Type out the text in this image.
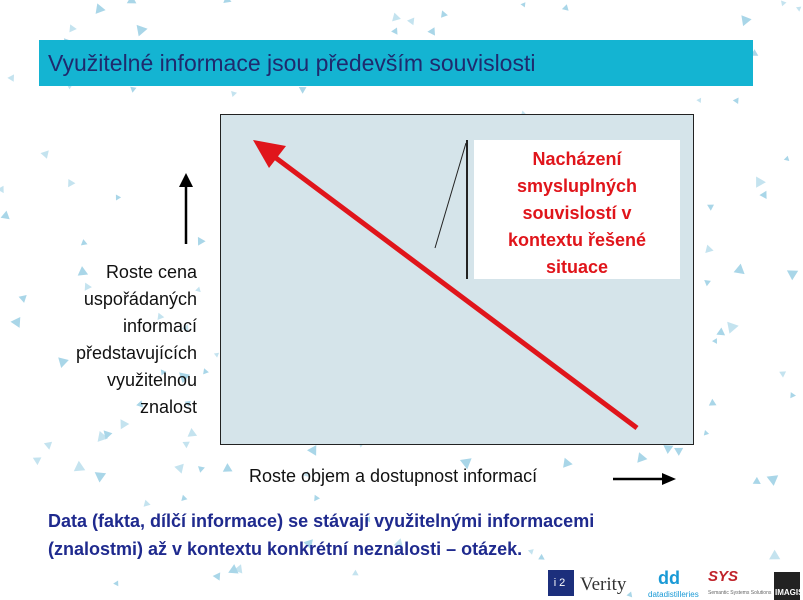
Využitelné informace jsou především souvislosti
Nacházení
smysluplných
souvislostí v
kontextu řešené
situace
Roste cena
uspořádaných
informací
představujících
využitelnou
znalost
Roste objem a dostupnost informací
Data (fakta, dílčí informace) se stávají využitelnými informacemi
(znalostmi) až v kontextu konkrétní neznalosti – otázek.
i2 Verity dd
datadistilleries
SYS
Semantic Systems Solutions IMAGIS
